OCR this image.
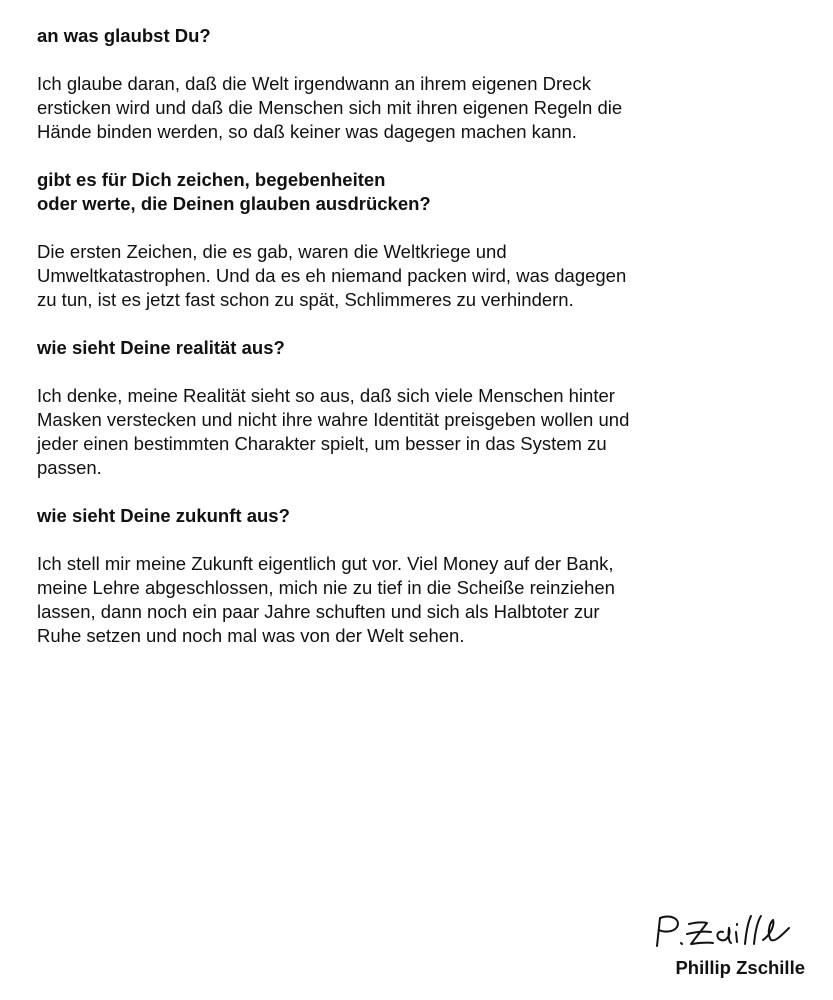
an was glaubst Du?

Ich glaube daran, daß die Welt irgendwann an ihrem eigenen Dreck
ersticken wird und daß die Menschen sich mit ihren eigenen Regeln die
Hände binden werden, so daß keiner was dagegen machen kann.

gibt es für Dich zeichen, begebenheiten
oder werte, die Deinen glauben ausdrücken?

Die ersten Zeichen, die es gab, waren die Weltkriege und
Umweltkatastrophen. Und da es eh niemand packen wird, was dagegen
zu tun, ist es jetzt fast schon zu spät, Schlimmeres zu verhindern.

wie sieht Deine realität aus?

Ich denke, meine Realität sieht so aus, daß sich viele Menschen hinter
Masken verstecken und nicht ihre wahre Identität preisgeben wollen und
jeder einen bestimmten Charakter spielt, um besser in das System zu
passen.

wie sieht Deine zukunft aus?

Ich stell mir meine Zukunft eigentlich gut vor. Viel Money auf der Bank,
meine Lehre abgeschlossen, mich nie zu tief in die Scheiße reinziehen
lassen, dann noch ein paar Jahre schuften und sich als Halbtoter zur
Ruhe setzen und noch mal was von der Welt sehen.

Phillip Zschille
